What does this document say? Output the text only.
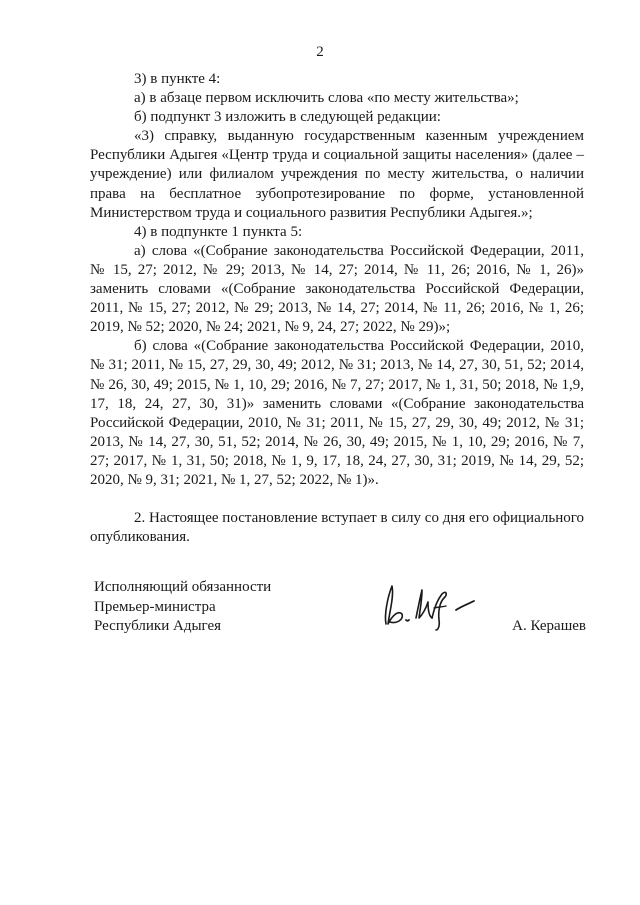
2

3) в пункте 4:

а) в абзаце первом исключить слова «по месту жительства»;

б) подпункт 3 изложить в следующей редакции:

«3) справку, выданную государственным казенным учреждением Республики Адыгея «Центр труда и социальной защиты населения» (далее – учреждение) или филиалом учреждения по месту жительства, о наличии права на бесплатное зубопротезирование по форме, установленной Министерством труда и социального развития Республики Адыгея.»;

4) в подпункте 1 пункта 5:

а) слова «(Собрание законодательства Российской Федерации, 2011, № 15, 27; 2012, № 29; 2013, № 14, 27; 2014, № 11, 26; 2016, № 1, 26)» заменить словами «(Собрание законодательства Российской Федерации, 2011, № 15, 27; 2012, № 29; 2013, № 14, 27; 2014, № 11, 26; 2016, № 1, 26; 2019, № 52; 2020, № 24; 2021, № 9, 24, 27; 2022, № 29)»;

б) слова «(Собрание законодательства Российской Федерации, 2010, № 31; 2011, № 15, 27, 29, 30, 49; 2012, № 31; 2013, № 14, 27, 30, 51, 52; 2014, № 26, 30, 49; 2015, № 1, 10, 29; 2016, № 7, 27; 2017, № 1, 31, 50; 2018, № 1,9, 17, 18, 24, 27, 30, 31)» заменить словами «(Собрание законодательства Российской Федерации, 2010, № 31; 2011, № 15, 27, 29, 30, 49; 2012, № 31; 2013, № 14, 27, 30, 51, 52; 2014, № 26, 30, 49; 2015, № 1, 10, 29; 2016, № 7, 27; 2017, № 1, 31, 50; 2018, № 1, 9, 17, 18, 24, 27, 30, 31; 2019, № 14, 29, 52; 2020, № 9, 31; 2021, № 1, 27, 52; 2022, № 1)».

2. Настоящее постановление вступает в силу со дня его официального опубликования.

Исполняющий обязанности
Премьер-министра
Республики Адыгея	А. Керашев
